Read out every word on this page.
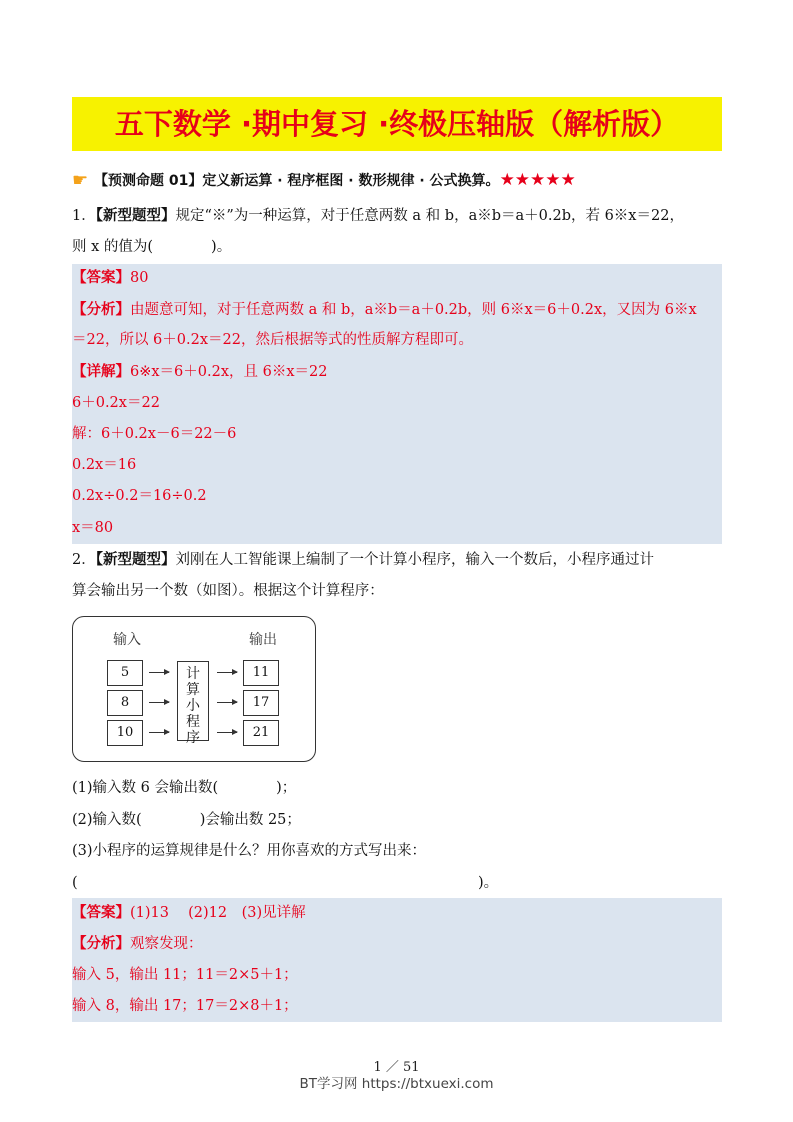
五下数学 ·期中复习 ·终极压轴版（解析版）
☛ 【预测命题 01】定义新运算 · 程序框图 · 数形规律 · 公式换算。★★★★★
1．【新型题型】规定“※”为一种运算，对于任意两数 a 和 b，a※b＝a＋0.2b，若 6※x＝22，
则 x 的值为(　　　　)。
【答案】80
【分析】由题意可知，对于任意两数 a 和 b，a※b＝a＋0.2b，则 6※x＝6＋0.2x，又因为 6※x
＝22，所以 6＋0.2x＝22，然后根据等式的性质解方程即可。
【详解】6※x＝6＋0.2x，且 6※x＝22
6＋0.2x＝22
解：6＋0.2x－6＝22－6
0.2x＝16
0.2x÷0.2＝16÷0.2
x＝80
2．【新型题型】刘刚在人工智能课上编制了一个计算小程序，输入一个数后，小程序通过计
算会输出另一个数（如图）。根据这个计算程序：
输入	输出
5
8
10
计
算
小
程
序
11
17
21
(1)输入数 6 会输出数(　　　　)；
(2)输入数(　　　　)会输出数 25；
(3)小程序的运算规律是什么？用你喜欢的方式写出来：
(	)。
【答案】(1)13　 (2)12　(3)见详解
【分析】观察发现：
输入 5，输出 11；11＝2×5＋1；
输入 8，输出 17；17＝2×8＋1；
1 ／ 51
BT学习网 https://btxuexi.com
